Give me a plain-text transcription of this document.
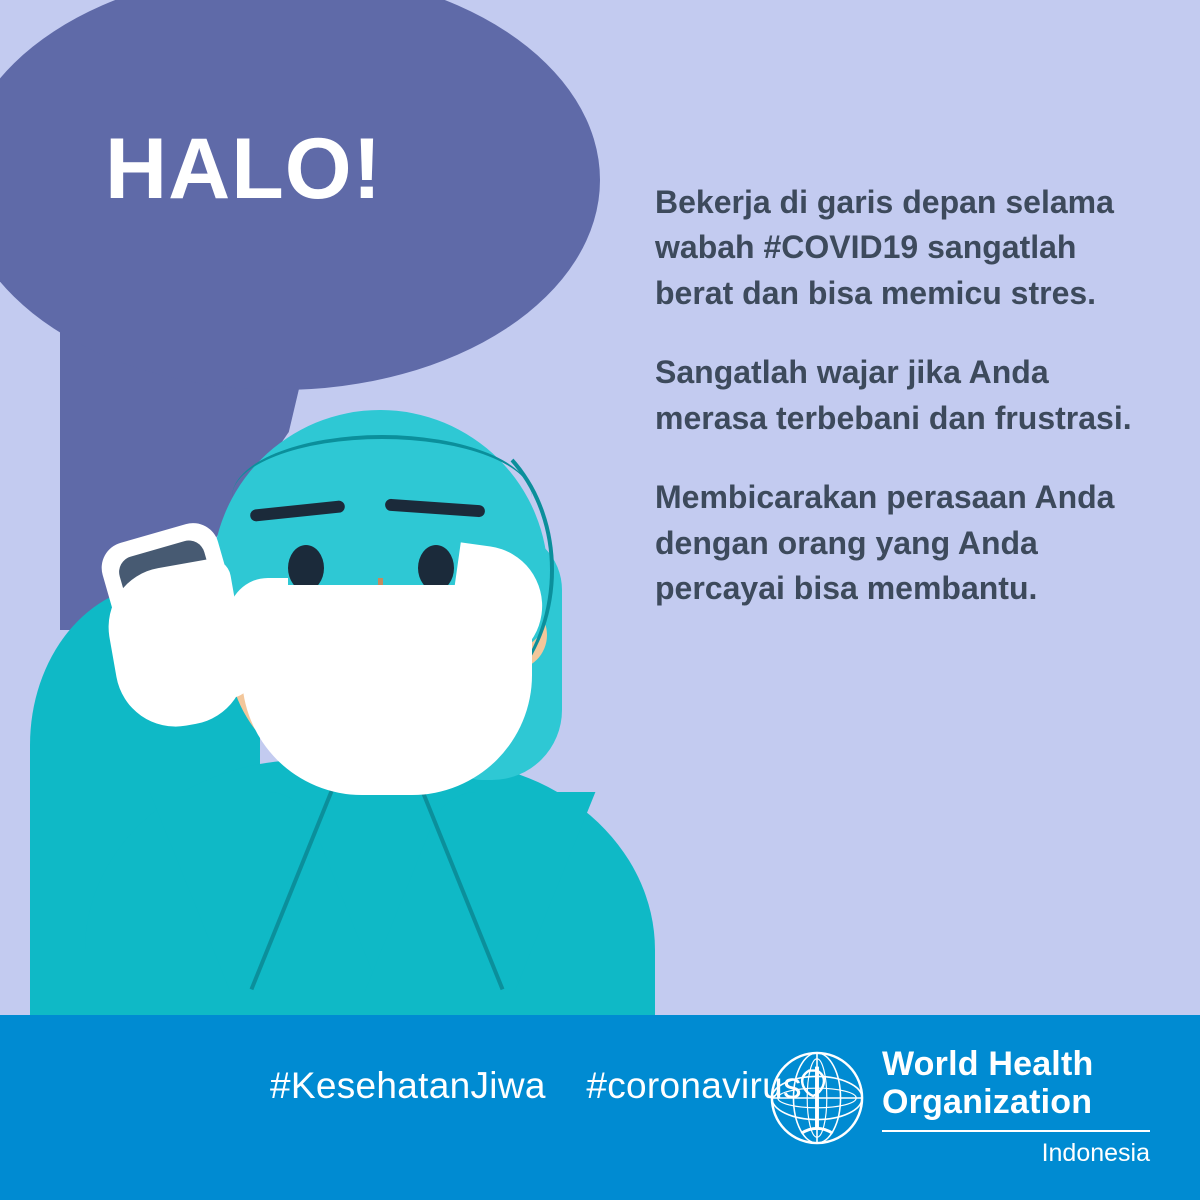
HALO!	Bekerja di garis depan selama wabah #COVID19 sangatlah berat dan bisa memicu stres.

Sangatlah wajar jika Anda merasa terbebani dan frustrasi.

Membicarakan perasaan Anda dengan orang yang Anda percayai bisa membantu.

#KesehatanJiwa #coronavirus
World Health
Organization
Indonesia
